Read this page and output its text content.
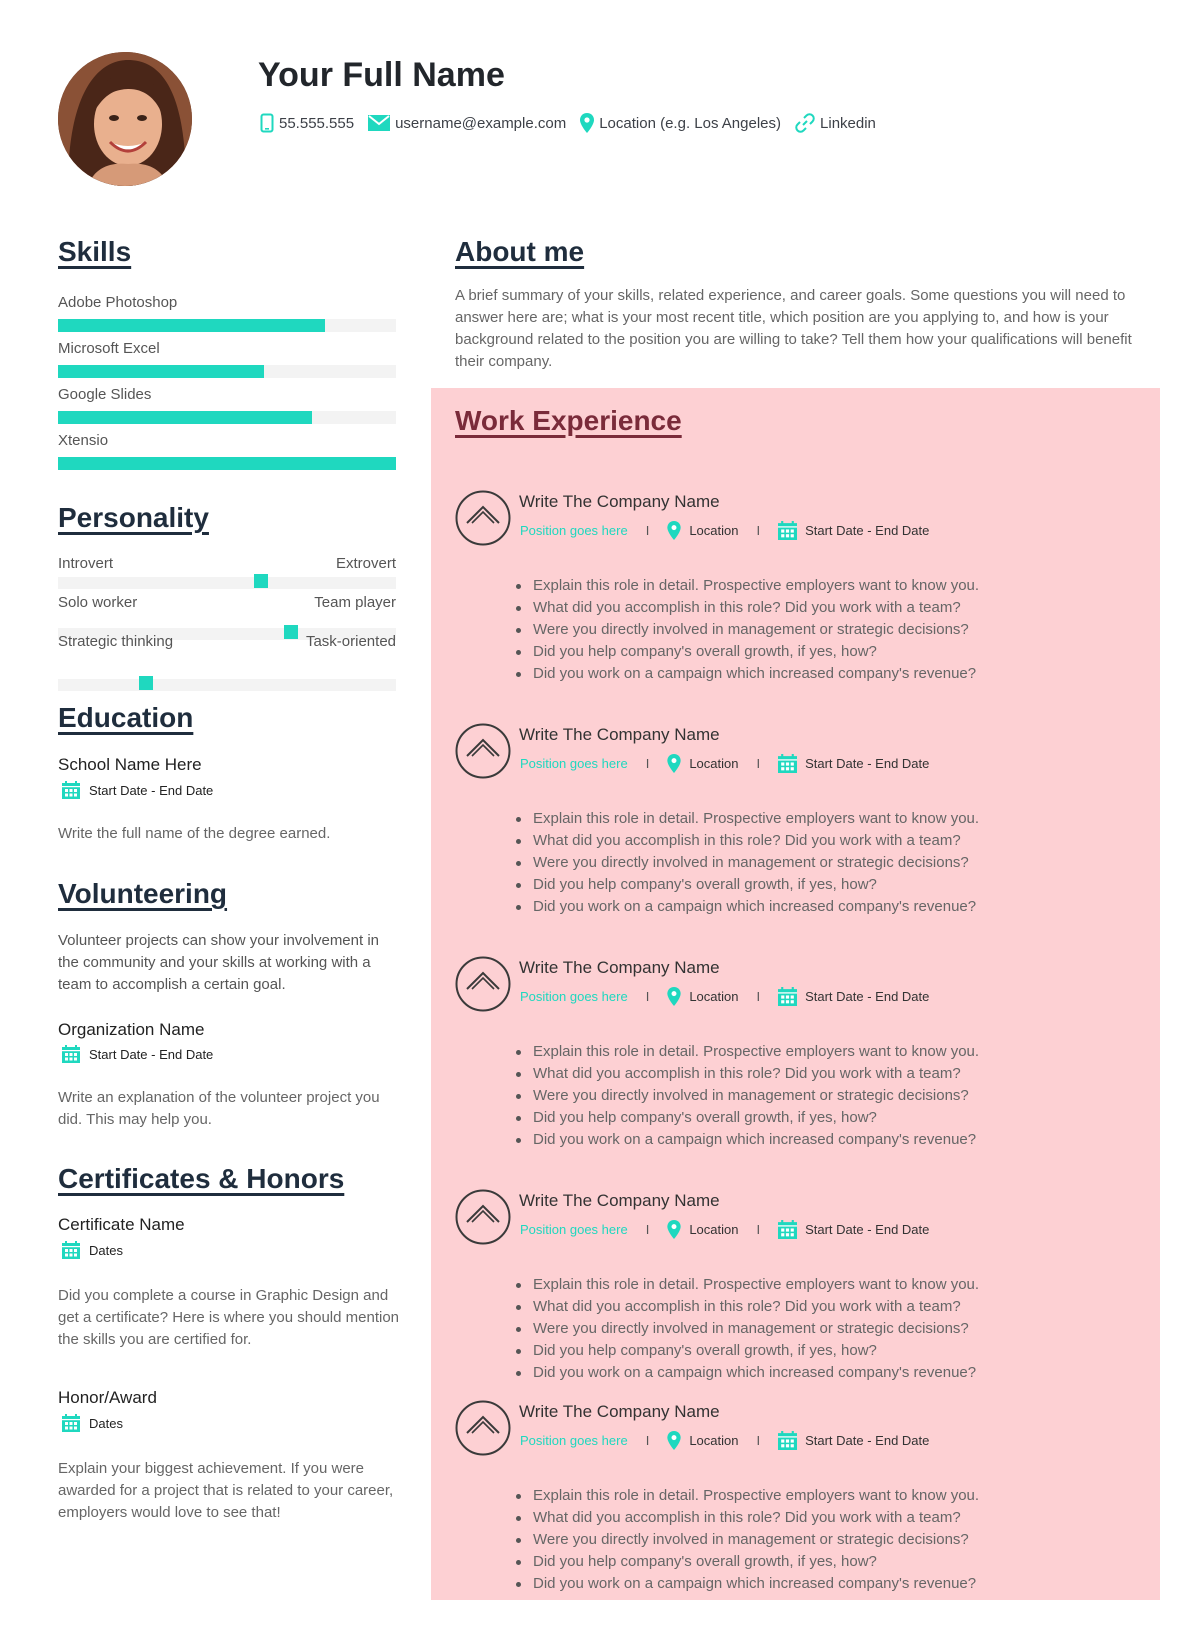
Your Full Name
55.555.555	username@example.com Location (e.g. Los Angeles)	Linkedin
Skills
Adobe Photoshop
Microsoft Excel
Google Slides
Xtensio
Personality
Introvert	Extrovert
Solo worker	Team player
Strategic thinking	Task-oriented
Education
School Name Here
Start Date - End Date
Write the full name of the degree earned.
Volunteering
Volunteer projects can show your involvement in the community and your skills at working with a team to accomplish a certain goal.
Organization Name
Start Date - End Date
Write an explanation of the volunteer project you did. This may help you.
Certificates & Honors
Certificate Name
Dates
Did you complete a course in Graphic Design and get a certificate? Here is where you should mention the skills you are certified for.
Honor/Award
Dates
Explain your biggest achievement. If you were awarded for a project that is related to your career, employers would love to see that!
About me
A brief summary of your skills, related experience, and career goals. Some questions you will need to answer here are; what is your most recent title, which position are you applying to, and how is your background related to the position you are willing to take? Tell them how your qualifications will benefit their company.
Work Experience
Write The Company Name
Position goes here I	Location I	Start Date - End Date
Explain this role in detail. Prospective employers want to know you.
What did you accomplish in this role? Did you work with a team?
Were you directly involved in management or strategic decisions?
Did you help company's overall growth, if yes, how?
Did you work on a campaign which increased company's revenue?
Write The Company Name
Position goes here I	Location I	Start Date - End Date
Explain this role in detail. Prospective employers want to know you.
What did you accomplish in this role? Did you work with a team?
Were you directly involved in management or strategic decisions?
Did you help company's overall growth, if yes, how?
Did you work on a campaign which increased company's revenue?
Write The Company Name
Position goes here I	Location I	Start Date - End Date
Explain this role in detail. Prospective employers want to know you.
What did you accomplish in this role? Did you work with a team?
Were you directly involved in management or strategic decisions?
Did you help company's overall growth, if yes, how?
Did you work on a campaign which increased company's revenue?
Write The Company Name
Position goes here I	Location I	Start Date - End Date
Explain this role in detail. Prospective employers want to know you.
What did you accomplish in this role? Did you work with a team?
Were you directly involved in management or strategic decisions?
Did you help company's overall growth, if yes, how?
Did you work on a campaign which increased company's revenue?
Write The Company Name
Position goes here I	Location I	Start Date - End Date
Explain this role in detail. Prospective employers want to know you.
What did you accomplish in this role? Did you work with a team?
Were you directly involved in management or strategic decisions?
Did you help company's overall growth, if yes, how?
Did you work on a campaign which increased company's revenue?
